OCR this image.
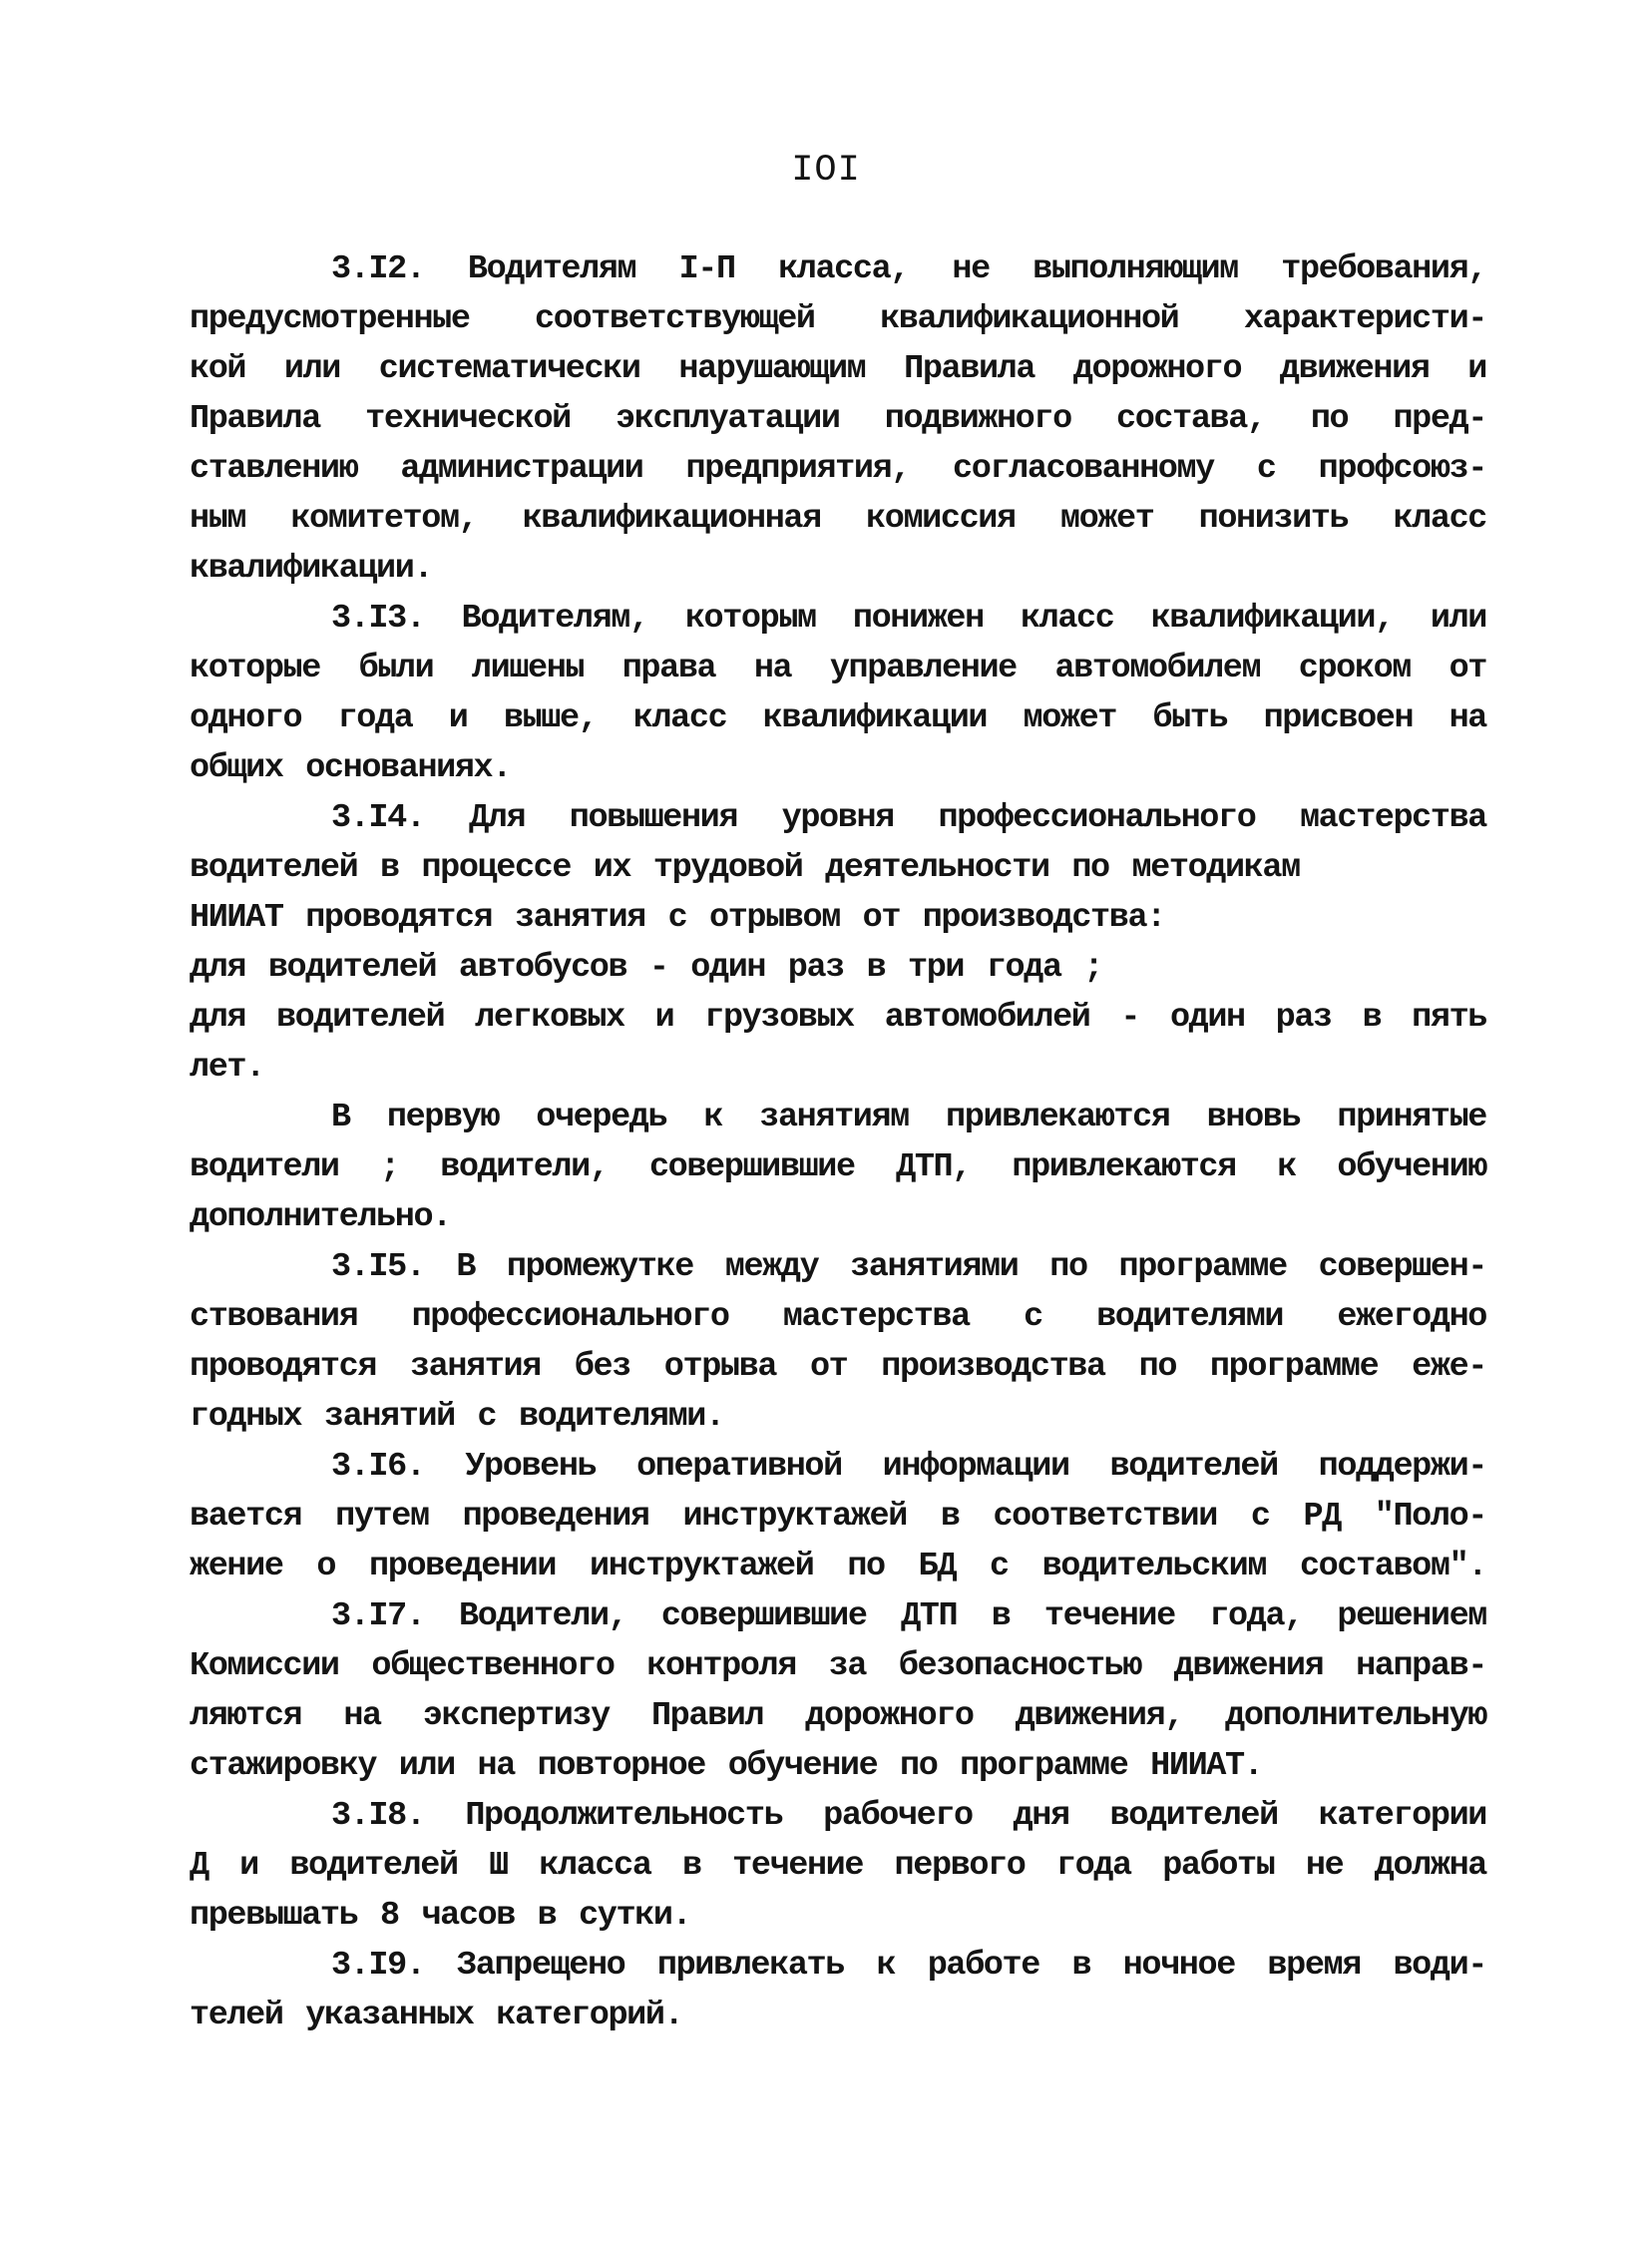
IOI
3.I2. Водителям I-П класса, не выполняющим требования,
предусмотренные соответствующей квалификационной характеристи-
кой или систематически нарушающим Правила дорожного движения и
Правила технической эксплуатации подвижного состава, по пред-
ставлению администрации предприятия, согласованному с профсоюз-
ным комитетом, квалификационная комиссия может понизить класс
квалификации.
3.I3. Водителям, которым понижен класс квалификации, или
которые были лишены права на управление автомобилем сроком от
одного года и выше, класс квалификации может быть присвоен на
общих основаниях.
3.I4. Для повышения уровня профессионального мастерства
водителей в процессе их трудовой деятельности по методикам
НИИАТ проводятся занятия с отрывом от производства:
для водителей автобусов - один раз в три года ;
для водителей легковых и грузовых автомобилей - один раз в пять
лет.
В первую очередь к занятиям привлекаются вновь принятые
водители ; водители, совершившие ДТП, привлекаются к обучению
дополнительно.
3.I5. В промежутке между занятиями по программе совершен-
ствования профессионального мастерства с водителями ежегодно
проводятся занятия без отрыва от производства по программе еже-
годных занятий с водителями.
3.I6. Уровень оперативной информации водителей поддержи-
вается путем проведения инструктажей в соответствии с РД "Поло-
жение о проведении инструктажей по БД с водительским составом".
3.I7. Водители, совершившие ДТП в течение года, решением
Комиссии общественного контроля за безопасностью движения направ-
ляются на экспертизу Правил дорожного движения, дополнительную
стажировку или на повторное обучение по программе НИИАТ.
3.I8. Продолжительность рабочего дня водителей категории
Д и водителей Ш класса в течение первого года работы не должна
превышать 8 часов в сутки.
3.I9. Запрещено привлекать к работе в ночное время води-
телей указанных категорий.
